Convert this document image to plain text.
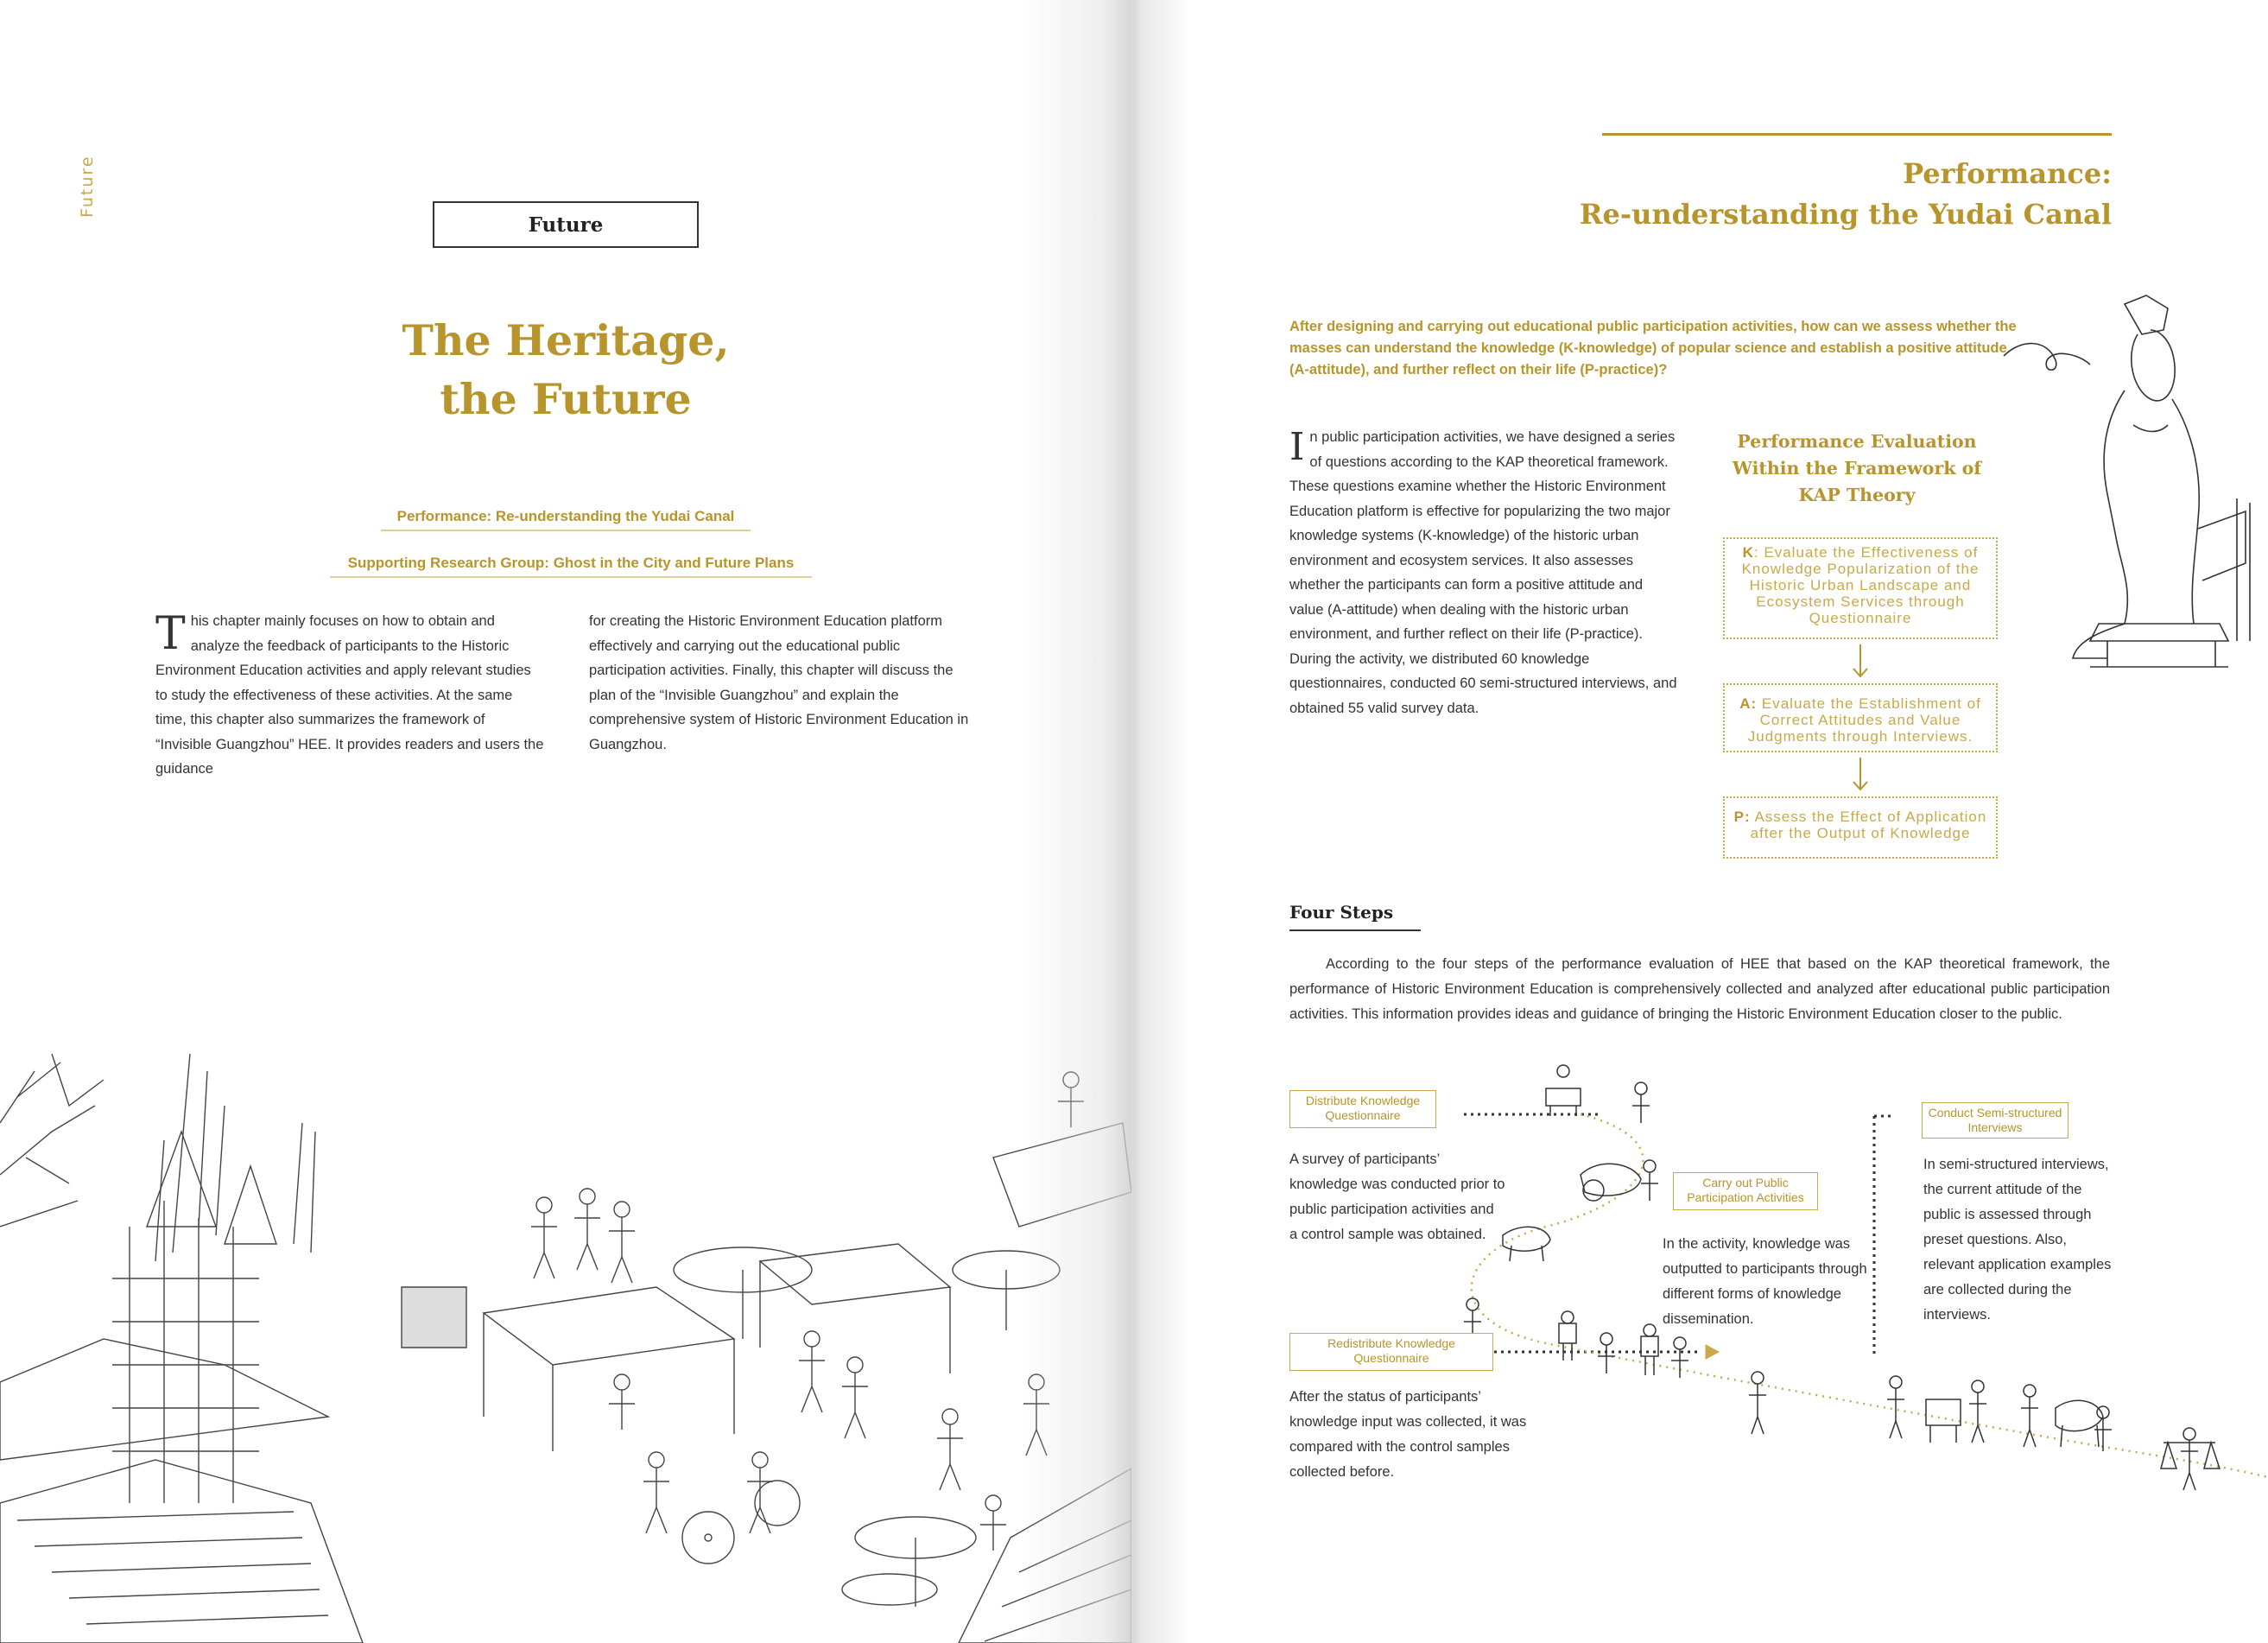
Future
Future
The Heritage,
the Future
Performance: Re-understanding the Yudai Canal
Supporting Research Group: Ghost in the City and Future Plans
This chapter mainly focuses on how to obtain and analyze the feedback of participants to the Historic Environment Education activities and apply relevant studies to study the effectiveness of these activities. At the same time, this chapter also summarizes the framework of “Invisible Guangzhou” HEE. It provides readers and users the guidance
for creating the Historic Environment Education platform effectively and carrying out the educational public participation activities. Finally, this chapter will discuss the plan of the “Invisible Guangzhou” and explain the comprehensive system of Historic Environment Education in Guangzhou.
Performance:
Re-understanding the Yudai Canal
After designing and carrying out educational public participation activities, how can we assess whether the masses can understand the knowledge (K-knowledge) of popular science and establish a positive attitude (A-attitude), and further reflect on their life (P-practice)?
In public participation activities, we have designed a series of questions according to the KAP theoretical framework. These questions examine whether the Historic Environment Education platform is effective for popularizing the two major knowledge systems (K-knowledge) of the historic urban environment and ecosystem services. It also assesses whether the participants can form a positive attitude and value (A-attitude) when dealing with the historic urban environment, and further reflect on their life (P-practice). During the activity, we distributed 60 knowledge questionnaires, conducted 60 semi-structured interviews, and obtained 55 valid survey data.
Performance Evaluation
Within the Framework of
KAP Theory
K: Evaluate the Effectiveness of Knowledge Popularization of the Historic Urban Landscape and Ecosystem Services through Questionnaire
A: Evaluate the Establishment of Correct Attitudes and Value Judgments through Interviews.
P: Assess the Effect of Application after the Output of Knowledge
Four Steps
According to the four steps of the performance evaluation of HEE that based on the KAP theoretical framework, the performance of Historic Environment Education is comprehensively collected and analyzed after educational public participation activities. This information provides ideas and guidance of bringing the Historic Environment Education closer to the public.
Distribute Knowledge Questionnaire
Carry out Public Participation Activities
Redistribute Knowledge Questionnaire
Conduct Semi-structured Interviews
A survey of participants’ knowledge was conducted prior to public participation activities and a control sample was obtained.
In the activity, knowledge was outputted to participants through different forms of knowledge dissemination.
After the status of participants’ knowledge input was collected, it was compared with the control samples collected before.
In semi-structured interviews, the current attitude of the public is assessed through preset questions. Also, relevant application examples are collected during the interviews.
